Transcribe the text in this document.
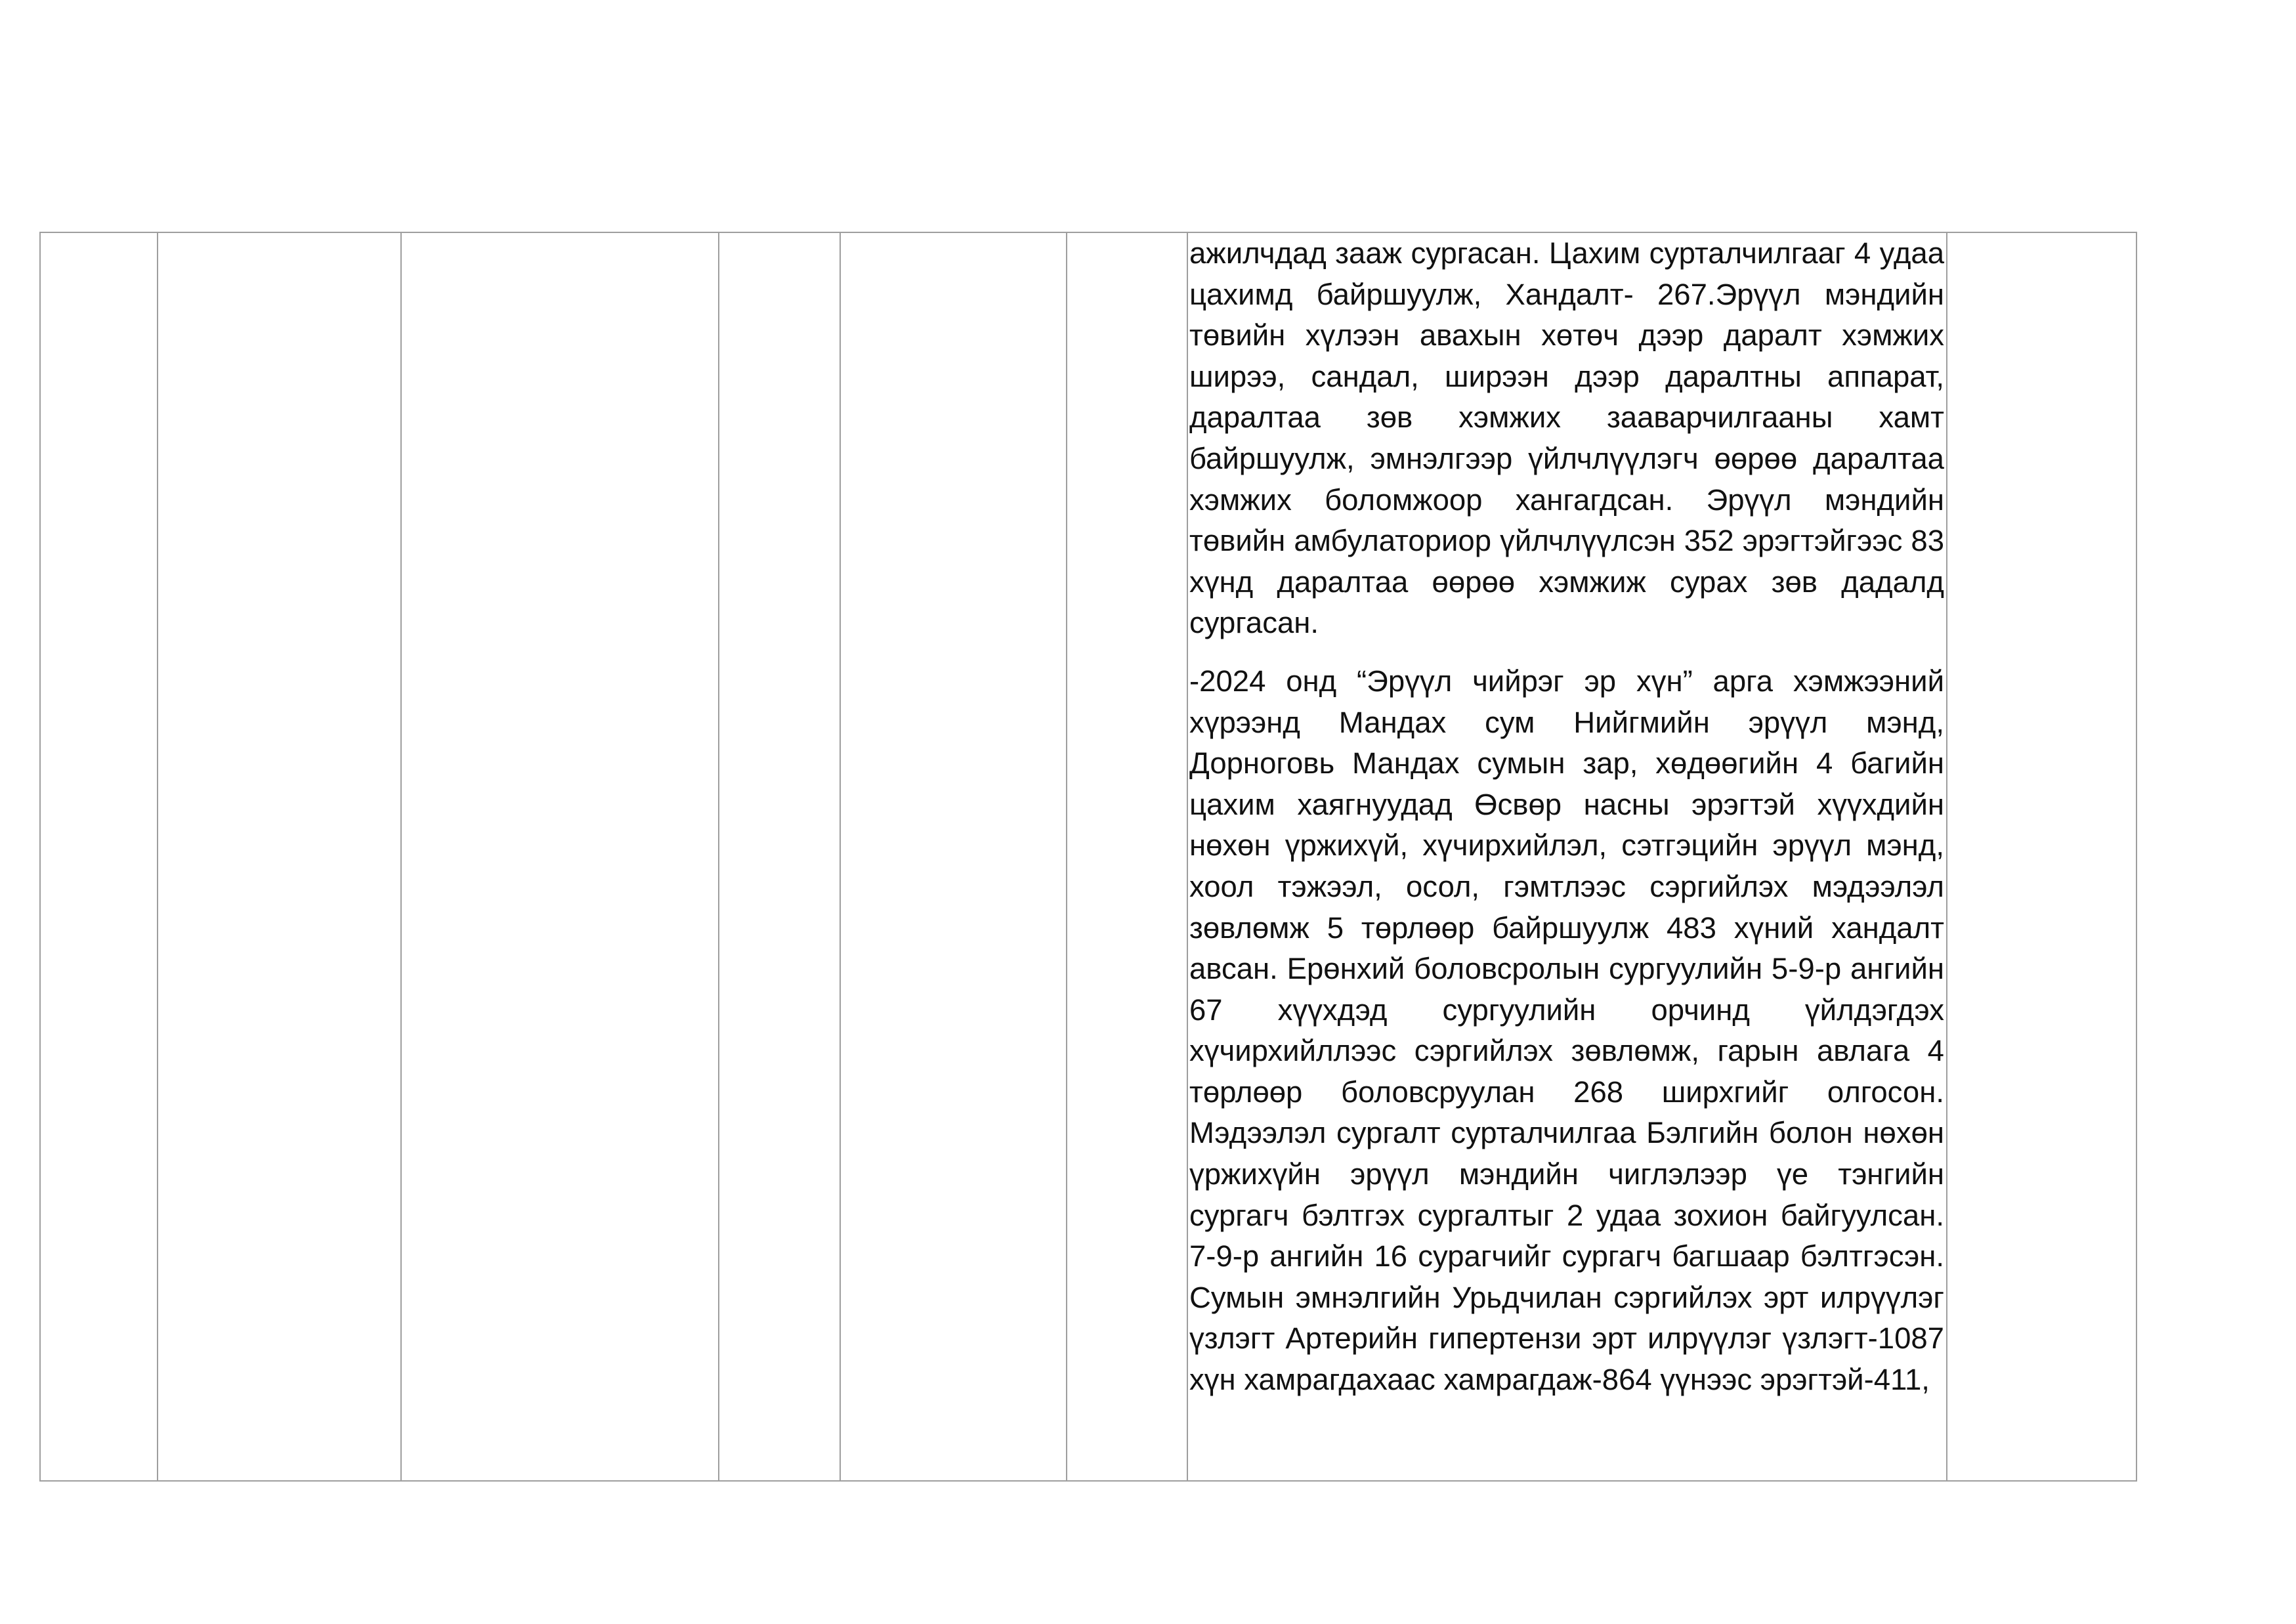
ажилчдад зааж сургасан. Цахим сурталчилгааг 4 удаа цахимд байршуулж, Хандалт- 267.Эрүүл мэндийн төвийн хүлээн авахын хөтөч дээр даралт хэмжих ширээ, сандал, ширээн дээр даралтны аппарат, даралтаа зөв хэмжих зааварчилгааны хамт байршуулж, эмнэлгээр үйлчлүүлэгч өөрөө даралтаа хэмжих боломжоор хангагдсан. Эрүүл мэндийн төвийн амбулаториор үйлчлүүлсэн 352 эрэгтэйгээс 83 хүнд даралтаа өөрөө хэмжиж сурах зөв дадалд сургасан.

-2024 онд “Эрүүл чийрэг эр хүн” арга хэмжээний хүрээнд Мандах сум Нийгмийн эрүүл мэнд, Дорноговь Мандах сумын зар, хөдөөгийн 4 багийн цахим хаягнуудад Өсвөр насны эрэгтэй хүүхдийн нөхөн үржихүй, хүчирхийлэл, сэтгэцийн эрүүл мэнд, хоол тэжээл, осол, гэмтлээс сэргийлэх мэдээлэл зөвлөмж 5 төрлөөр байршуулж 483 хүний хандалт авсан. Ерөнхий боловсролын сургуулийн 5-9-р ангийн 67 хүүхдэд сургуулийн орчинд үйлдэгдэх хүчирхийллээс сэргийлэх зөвлөмж, гарын авлага 4 төрлөөр боловсруулан 268 ширхгийг олгосон. Мэдээлэл сургалт сурталчилгаа Бэлгийн болон нөхөн үржихүйн эрүүл мэндийн чиглэлээр үе тэнгийн сургагч бэлтгэх сургалтыг 2 удаа зохион байгуулсан. 7-9-р ангийн 16 сурагчийг сургагч багшаар бэлтгэсэн. Сумын эмнэлгийн Урьдчилан сэргийлэх эрт илрүүлэг үзлэгт Артерийн гипертензи эрт илрүүлэг үзлэгт-1087 хүн хамрагдахаас хамрагдаж-864 үүнээс эрэгтэй-411,
